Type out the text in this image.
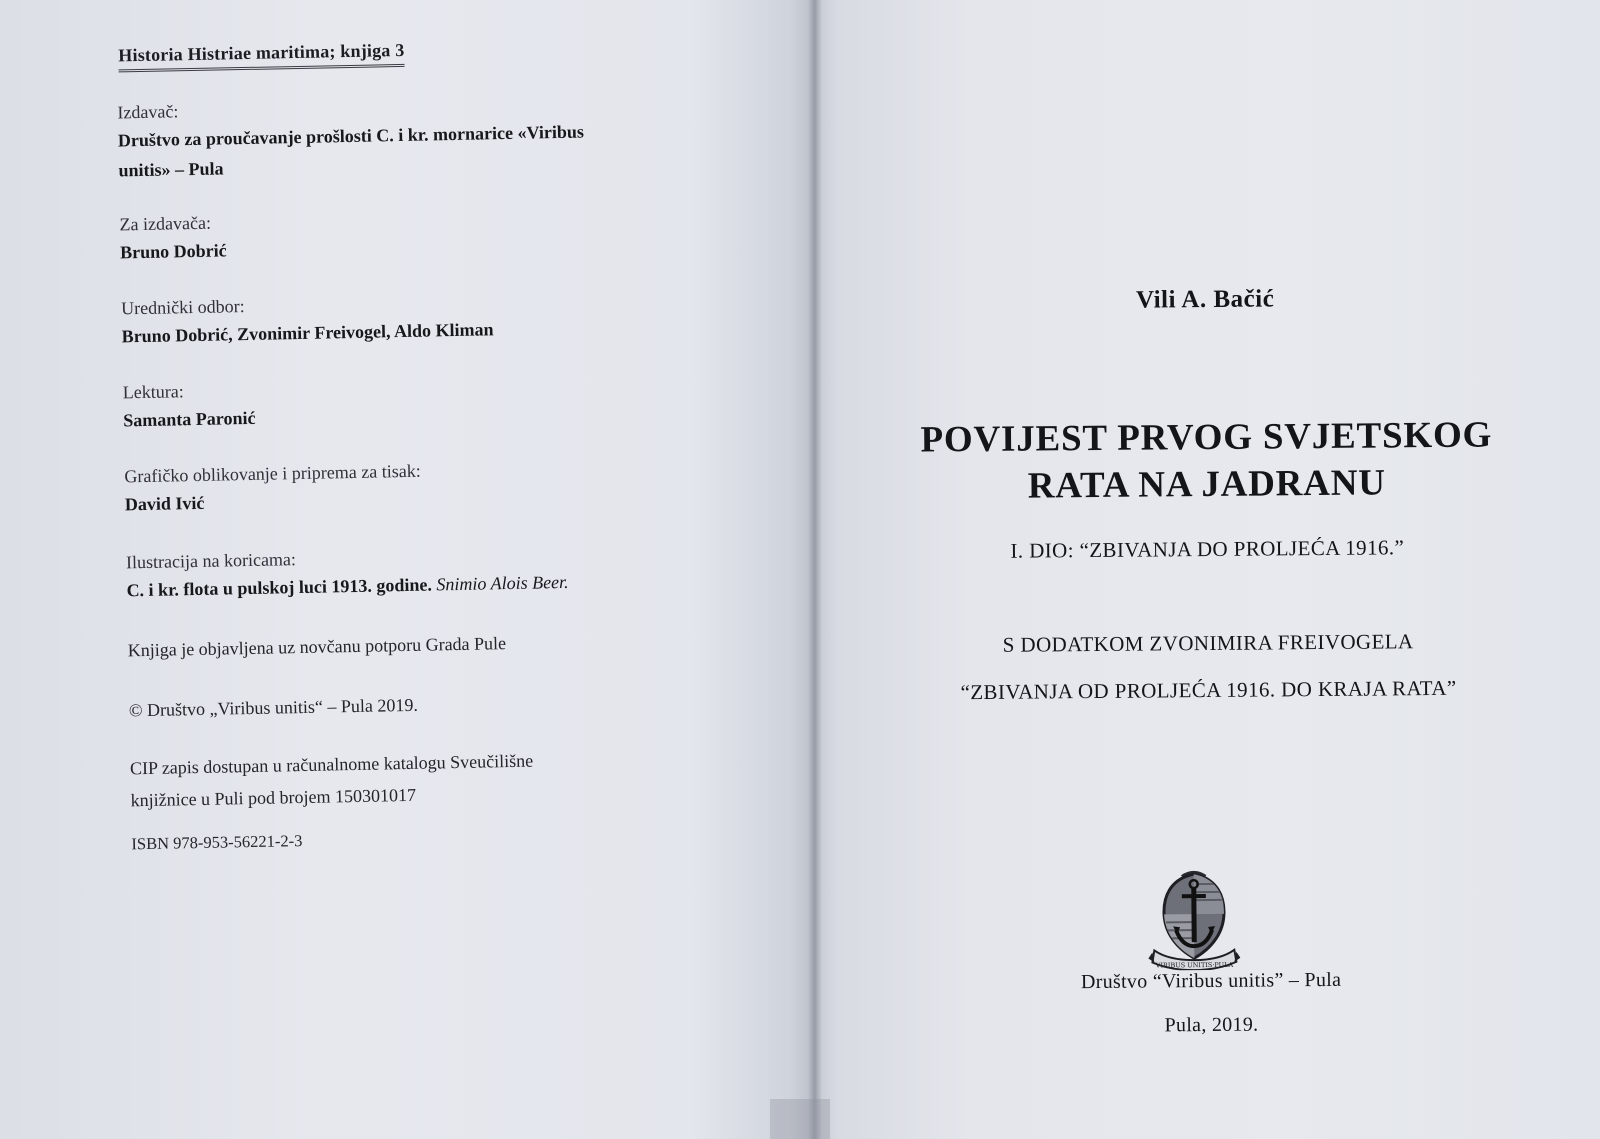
Historia Histriae maritima; knjiga 3
Izdavač:
Društvo za proučavanje prošlosti C. i kr. mornarice «Viribus
unitis» – Pula
Za izdavača:
Bruno Dobrić
Urednički odbor:
Bruno Dobrić, Zvonimir Freivogel, Aldo Kliman
Lektura:
Samanta Paronić
Grafičko oblikovanje i priprema za tisak:
David Ivić
Ilustracija na koricama:
C. i kr. flota u pulskoj luci 1913. godine. Snimio Alois Beer.
Knjiga je objavljena uz novčanu potporu Grada Pule
© Društvo „Viribus unitis“ – Pula 2019.
CIP zapis dostupan u računalnome katalogu Sveučilišne
knjižnice u Puli pod brojem 150301017
ISBN 978-953-56221-2-3
Vili A. Bačić
POVIJEST PRVOG SVJETSKOG
RATA NA JADRANU
I. DIO: “ZBIVANJA DO PROLJEĆA 1916.”
S DODATKOM ZVONIMIRA FREIVOGELA
“ZBIVANJA OD PROLJEĆA 1916. DO KRAJA RATA”
VIRIBUS UNITIS·PULA
Društvo “Viribus unitis” – Pula
Pula, 2019.
